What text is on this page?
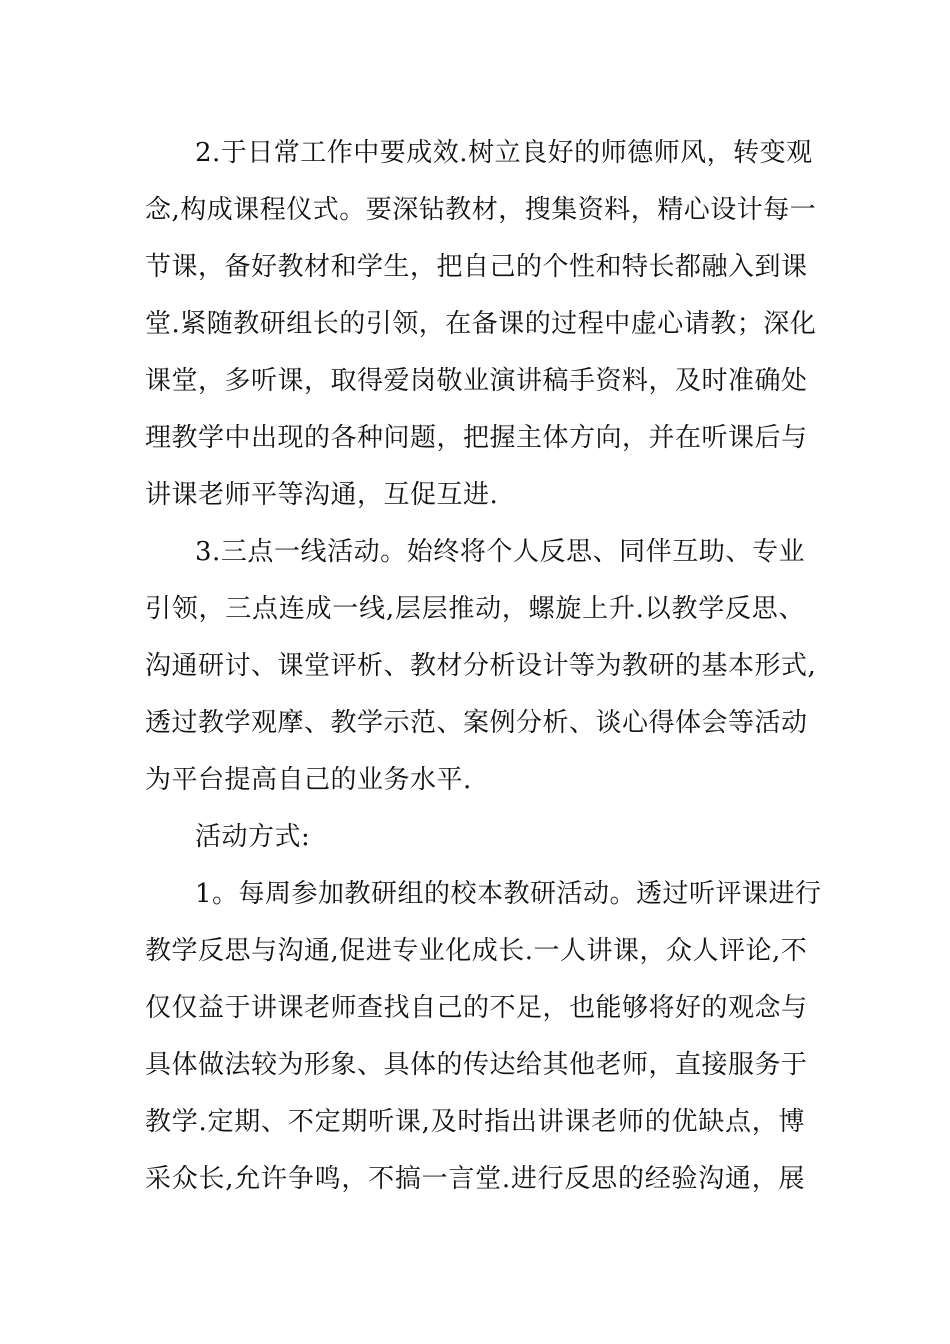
2.于日常工作中要成效.树立良好的师德师风，转变观
念,构成课程仪式。要深钻教材，搜集资料，精心设计每一
节课，备好教材和学生，把自己的个性和特长都融入到课
堂.紧随教研组长的引领，在备课的过程中虚心请教；深化
课堂，多听课，取得爱岗敬业演讲稿手资料，及时准确处
理教学中出现的各种问题，把握主体方向，并在听课后与
讲课老师平等沟通，互促互进.
3.三点一线活动。始终将个人反思、同伴互助、专业
引领，三点连成一线,层层推动，螺旋上升.以教学反思、
沟通研讨、课堂评析、教材分析设计等为教研的基本形式,
透过教学观摩、教学示范、案例分析、谈心得体会等活动
为平台提高自己的业务水平.
活动方式:
1。每周参加教研组的校本教研活动。透过听评课进行
教学反思与沟通,促进专业化成长.一人讲课，众人评论,不
仅仅益于讲课老师查找自己的不足，也能够将好的观念与
具体做法较为形象、具体的传达给其他老师，直接服务于
教学.定期、不定期听课,及时指出讲课老师的优缺点，博
采众长,允许争鸣，不搞一言堂.进行反思的经验沟通，展
